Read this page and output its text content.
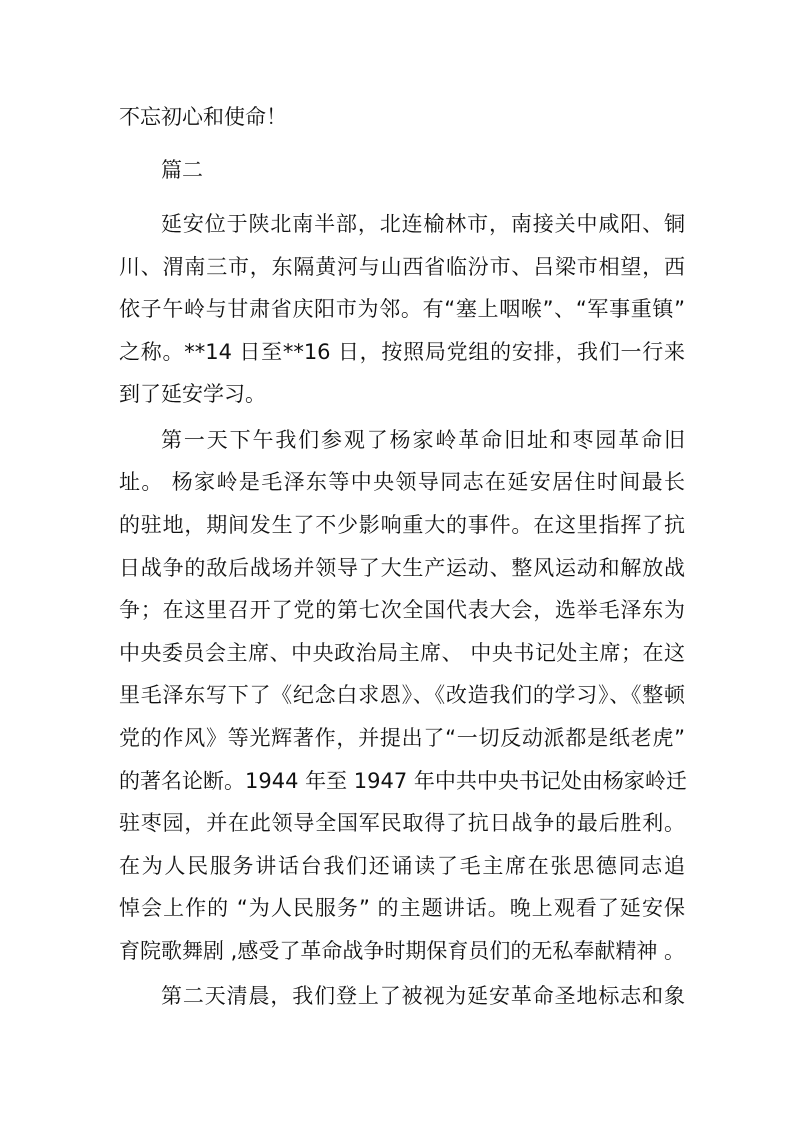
不忘初心和使命！
篇二
延安位于陕北南半部，北连榆林市，南接关中咸阳、铜
川、渭南三市，东隔黄河与山西省临汾市、吕梁市相望，西
依子午岭与甘肃省庆阳市为邻。有“塞上咽喉”、“军事重镇”
之称。**14 日至**16 日，按照局党组的安排，我们一行来
到了延安学习。
第一天下午我们参观了杨家岭革命旧址和枣园革命旧
址。 杨家岭是毛泽东等中央领导同志在延安居住时间最长
的驻地，期间发生了不少影响重大的事件。在这里指挥了抗
日战争的敌后战场并领导了大生产运动、整风运动和解放战
争；在这里召开了党的第七次全国代表大会，选举毛泽东为
中央委员会主席、中央政治局主席、 中央书记处主席；在这
里毛泽东写下了《纪念白求恩》、《改造我们的学习》、《整顿
党的作风》等光辉著作，并提出了“一切反动派都是纸老虎”
的著名论断。1944 年至 1947 年中共中央书记处由杨家岭迁
驻枣园，并在此领导全国军民取得了抗日战争的最后胜利。
在为人民服务讲话台我们还诵读了毛主席在张思德同志追
悼会上作的 “为人民服务” 的主题讲话。晚上观看了延安保
育院歌舞剧 ,感受了革命战争时期保育员们的无私奉献精神 。
第二天清晨，我们登上了被视为延安革命圣地标志和象
